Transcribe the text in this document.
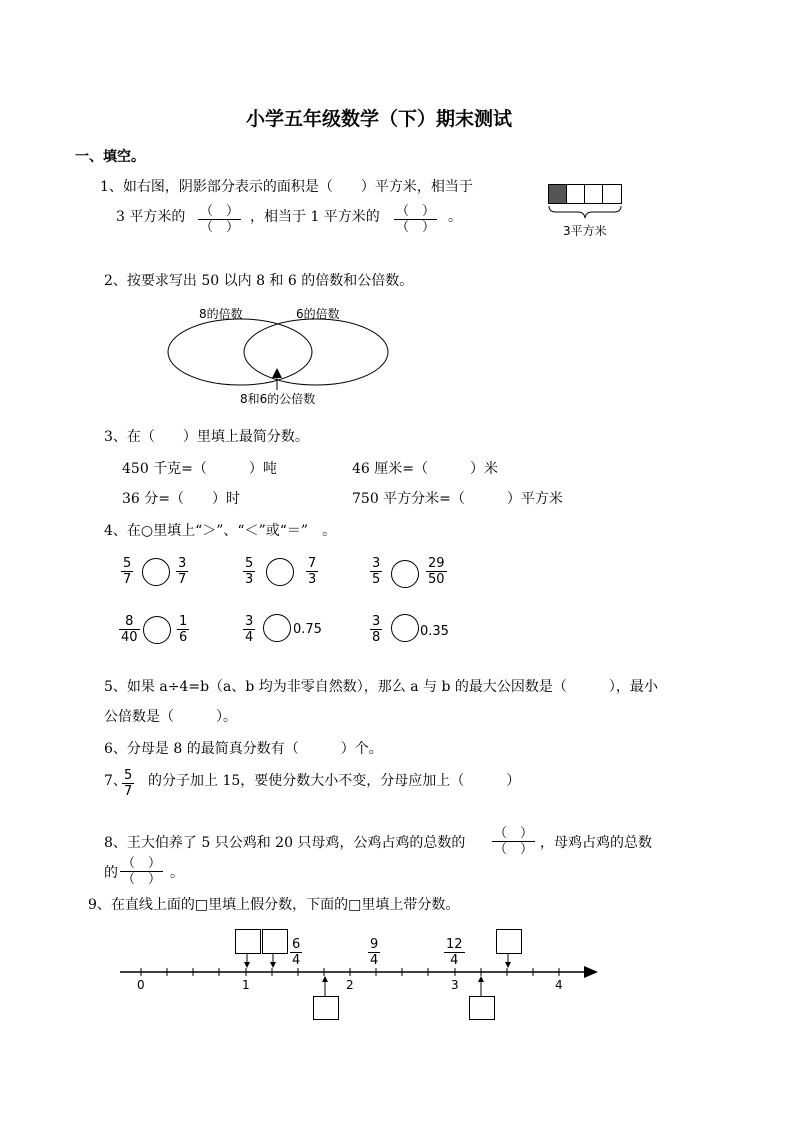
小学五年级数学（下）期末测试
一、填空。
1、如右图，阴影部分表示的面积是（　　）平方米，相当于
3 平方米的 （　）
（　）
，相当于 1 平方米的 （　）
（　）
。
3平方米
2、按要求写出 50 以内 8 和 6 的倍数和公倍数。
8的倍数	6的倍数
8和6的公倍数
3、在（　　）里填上最简分数。
450 千克=（　　　）吨	46 厘米=（　　　）米
36 分=（　　）时	750 平方分米=（　　　）平方米
4、在○里填上“＞”、“＜”或“＝”　。
$\frac{5}{7}$	$\frac{3}{7}$	$\frac{5}{3}$	$\frac{7}{3}$	$\frac{3}{5}$	$\frac{29}{50}$
$\frac{8}{40}$	$\frac{1}{6}$	$\frac{3}{4}$	0.75	$\frac{3}{8}$	0.35
5、如果 a÷4=b（a、b 均为非零自然数），那么 a 与 b 的最大公因数是（　　　），最小
公倍数是（　　　）。
6、分母是 8 的最简真分数有（　　　）个。
7、
$\frac{5}{7}$ 的分子加上 15，要使分数大小不变，分母应加上（　　　）
8、王大伯养了 5 只公鸡和 20 只母鸡，公鸡占鸡的总数的
（　）
（　） ，母鸡占鸡的总数
的
（　）
（　） 。
9、在直线上面的□里填上假分数，下面的□里填上带分数。
$\frac{6}{4}$	$\frac{9}{4}$	$\frac{12}{4}$
0	1	2	3	4
